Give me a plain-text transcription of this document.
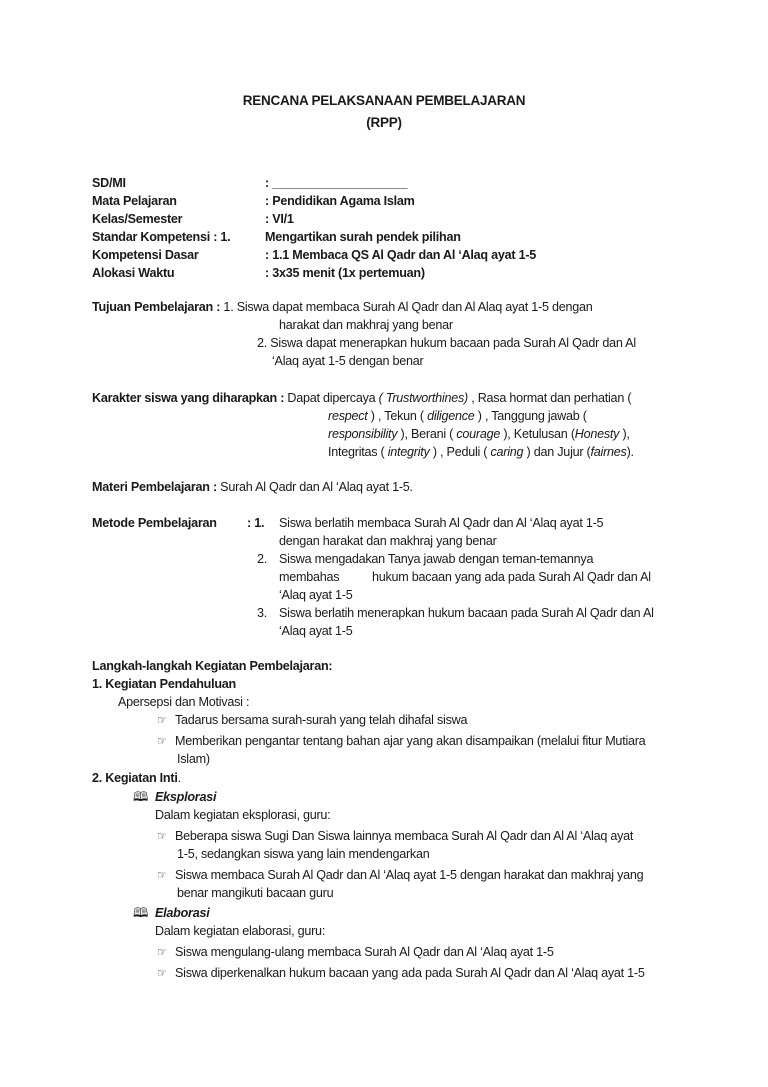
RENCANA PELAKSANAAN PEMBELAJARAN
(RPP)
SD/MI	: ____________________
Mata Pelajaran	: Pendidikan Agama Islam
Kelas/Semester	: VI/1
Standar Kompetensi : 1.	Mengartikan surah pendek pilihan
Kompetensi Dasar	: 1.1 Membaca QS Al Qadr dan Al ‘Alaq ayat 1-5
Alokasi Waktu	: 3x35 menit (1x pertemuan)
Tujuan Pembelajaran : 1. Siswa dapat membaca Surah Al Qadr dan Al Alaq ayat 1-5 dengan
harakat dan makhraj yang benar
2. Siswa dapat menerapkan hukum bacaan pada Surah Al Qadr dan Al
‘Alaq ayat 1-5 dengan benar
Karakter siswa yang diharapkan : Dapat dipercaya ( Trustworthines) , Rasa hormat dan perhatian (
respect ) , Tekun ( diligence ) , Tanggung jawab (
responsibility ), Berani ( courage ), Ketulusan (Honesty ),
Integritas ( integrity ) , Peduli ( caring ) dan Jujur (fairnes).
Materi Pembelajaran : Surah Al Qadr dan Al ‘Alaq ayat 1-5.
Metode Pembelajaran : 1. Siswa berlatih membaca Surah Al Qadr dan Al ‘Alaq ayat 1-5
dengan harakat dan makhraj yang benar
2. Siswa mengadakan Tanya jawab dengan teman-temannya
membahas	hukum bacaan yang ada pada Surah Al Qadr dan Al
‘Alaq ayat 1-5
3. Siswa berlatih menerapkan hukum bacaan pada Surah Al Qadr dan Al
‘Alaq ayat 1-5
Langkah-langkah Kegiatan Pembelajaran:
1. Kegiatan Pendahuluan
Apersepsi dan Motivasi :
☞ Tadarus bersama surah-surah yang telah dihafal siswa
☞ Memberikan pengantar tentang bahan ajar yang akan disampaikan (melalui fitur Mutiara
Islam)
2. Kegiatan Inti.
🕮 Eksplorasi
Dalam kegiatan eksplorasi, guru:
☞ Beberapa siswa Sugi Dan Siswa lainnya membaca Surah Al Qadr dan Al Al ‘Alaq ayat
1-5, sedangkan siswa yang lain mendengarkan
☞ Siswa membaca Surah Al Qadr dan Al ‘Alaq ayat 1-5 dengan harakat dan makhraj yang
benar mangikuti bacaan guru
🕮 Elaborasi
Dalam kegiatan elaborasi, guru:
☞ Siswa mengulang-ulang membaca Surah Al Qadr dan Al ‘Alaq ayat 1-5
☞ Siswa diperkenalkan hukum bacaan yang ada pada Surah Al Qadr dan Al ‘Alaq ayat 1-5
